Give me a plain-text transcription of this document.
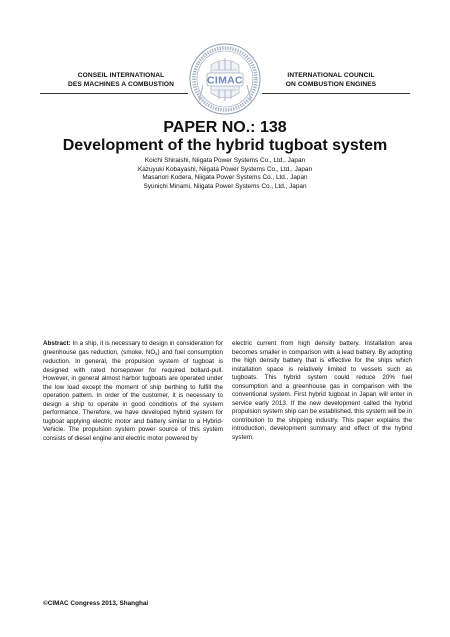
CONSEIL INTERNATIONAL
DES MACHINES A COMBUSTION	CIMAC	INTERNATIONAL COUNCIL
ON COMBUSTION ENGINES
PAPER NO.: 138
Development of the hybrid tugboat system
Koichi Shiraishi, Niigata Power Systems Co., Ltd., Japan
Kazuyuki Kobayashi, Niigata Power Systems Co., Ltd., Japan
Masanori Kodera, Niigata Power Systems Co., Ltd., Japan
Syunichi Minami, Niigata Power Systems Co., Ltd., Japan
Abstract: In a ship, it is necessary to design in consideration for greenhouse gas reduction, (smoke, $NO_x$) and fuel consumption reduction. In general, the propulsion system of tugboat is designed with rated horsepower for required bollard-pull. However, in general almost harbor tugboats are operated under the low load except the moment of ship berthing to fulfill the operation pattern. In order of the customer, it is necessary to design a ship to operate in good conditions of the system performance. Therefore, we have developed hybrid system for tugboat applying electric motor and battery similar to a Hybrid-Vehicle. The propulsion system power source of this system consists of diesel engine and electric motor powered by
electric current from high density battery. Installation area becomes smaller in comparison with a lead battery. By adopting the high density battery that is effective for the ships which installation space is relatively limited to vessels such as tugboats. This hybrid system could reduce 20% fuel consumption and a greenhouse gas in comparison with the conventional system. First hybrid tugboat in Japan will enter in service early 2013. If the new development called the hybrid propulsion system ship can be established, this system will be in contribution to the shipping industry. This paper explains the introduction, development summary and effect of the hybrid system.
©CIMAC Congress 2013, Shanghai
